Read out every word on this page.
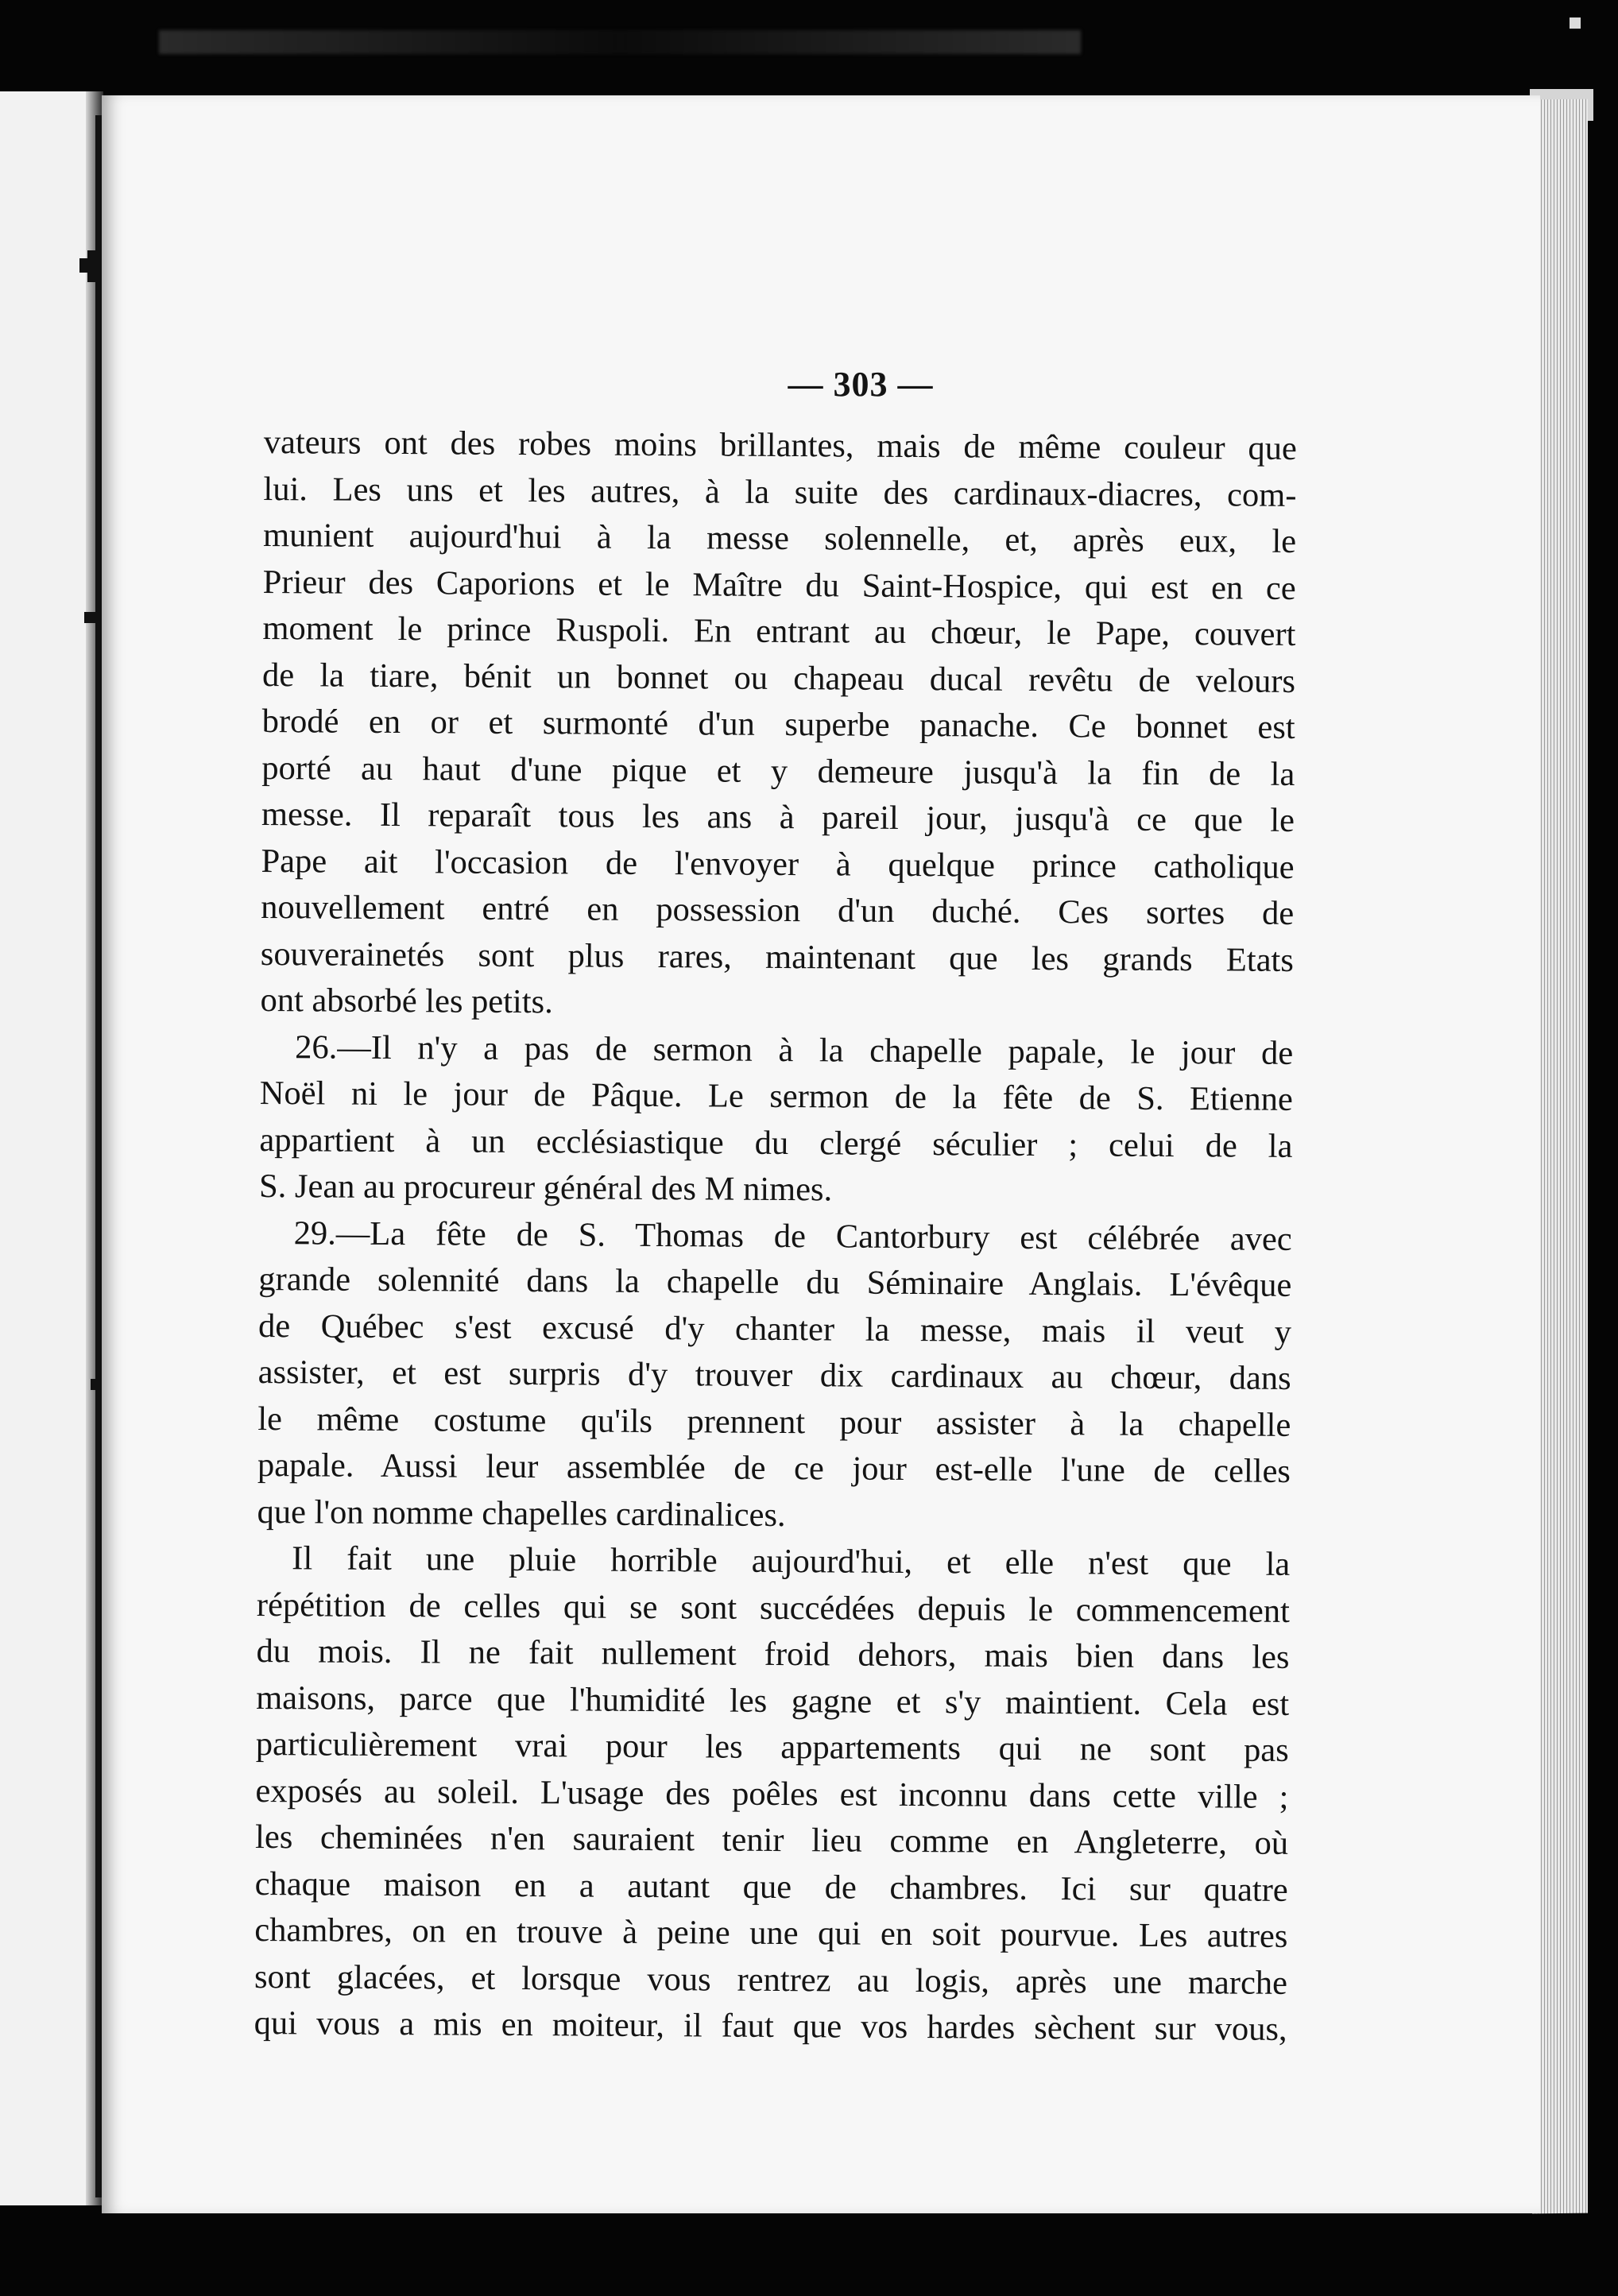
— 303 —
vateurs ont des robes moins brillantes, mais de même couleur que
lui. Les uns et les autres, à la suite des cardinaux-diacres, com-
munient aujourd'hui à la messe solennelle, et, après eux, le
Prieur des Caporions et le Maître du Saint-Hospice, qui est en ce
moment le prince Ruspoli. En entrant au chœur, le Pape, couvert
de la tiare, bénit un bonnet ou chapeau ducal revêtu de velours
brodé en or et surmonté d'un superbe panache. Ce bonnet est
porté au haut d'une pique et y demeure jusqu'à la fin de la
messe. Il reparaît tous les ans à pareil jour, jusqu'à ce que le
Pape ait l'occasion de l'envoyer à quelque prince catholique
nouvellement entré en possession d'un duché. Ces sortes de
souverainetés sont plus rares, maintenant que les grands Etats
ont absorbé les petits.
26.—Il n'y a pas de sermon à la chapelle papale, le jour de
Noël ni le jour de Pâque. Le sermon de la fête de S. Etienne
appartient à un ecclésiastique du clergé séculier ; celui de la
S. Jean au procureur général des M nimes.
29.—La fête de S. Thomas de Cantorbury est célébrée avec
grande solennité dans la chapelle du Séminaire Anglais. L'évêque
de Québec s'est excusé d'y chanter la messe, mais il veut y
assister, et est surpris d'y trouver dix cardinaux au chœur, dans
le même costume qu'ils prennent pour assister à la chapelle
papale. Aussi leur assemblée de ce jour est-elle l'une de celles
que l'on nomme chapelles cardinalices.
Il fait une pluie horrible aujourd'hui, et elle n'est que la
répétition de celles qui se sont succédées depuis le commencement
du mois. Il ne fait nullement froid dehors, mais bien dans les
maisons, parce que l'humidité les gagne et s'y maintient. Cela est
particulièrement vrai pour les appartements qui ne sont pas
exposés au soleil. L'usage des poêles est inconnu dans cette ville ;
les cheminées n'en sauraient tenir lieu comme en Angleterre, où
chaque maison en a autant que de chambres. Ici sur quatre
chambres, on en trouve à peine une qui en soit pourvue. Les autres
sont glacées, et lorsque vous rentrez au logis, après une marche
qui vous a mis en moiteur, il faut que vos hardes sèchent sur vous,
